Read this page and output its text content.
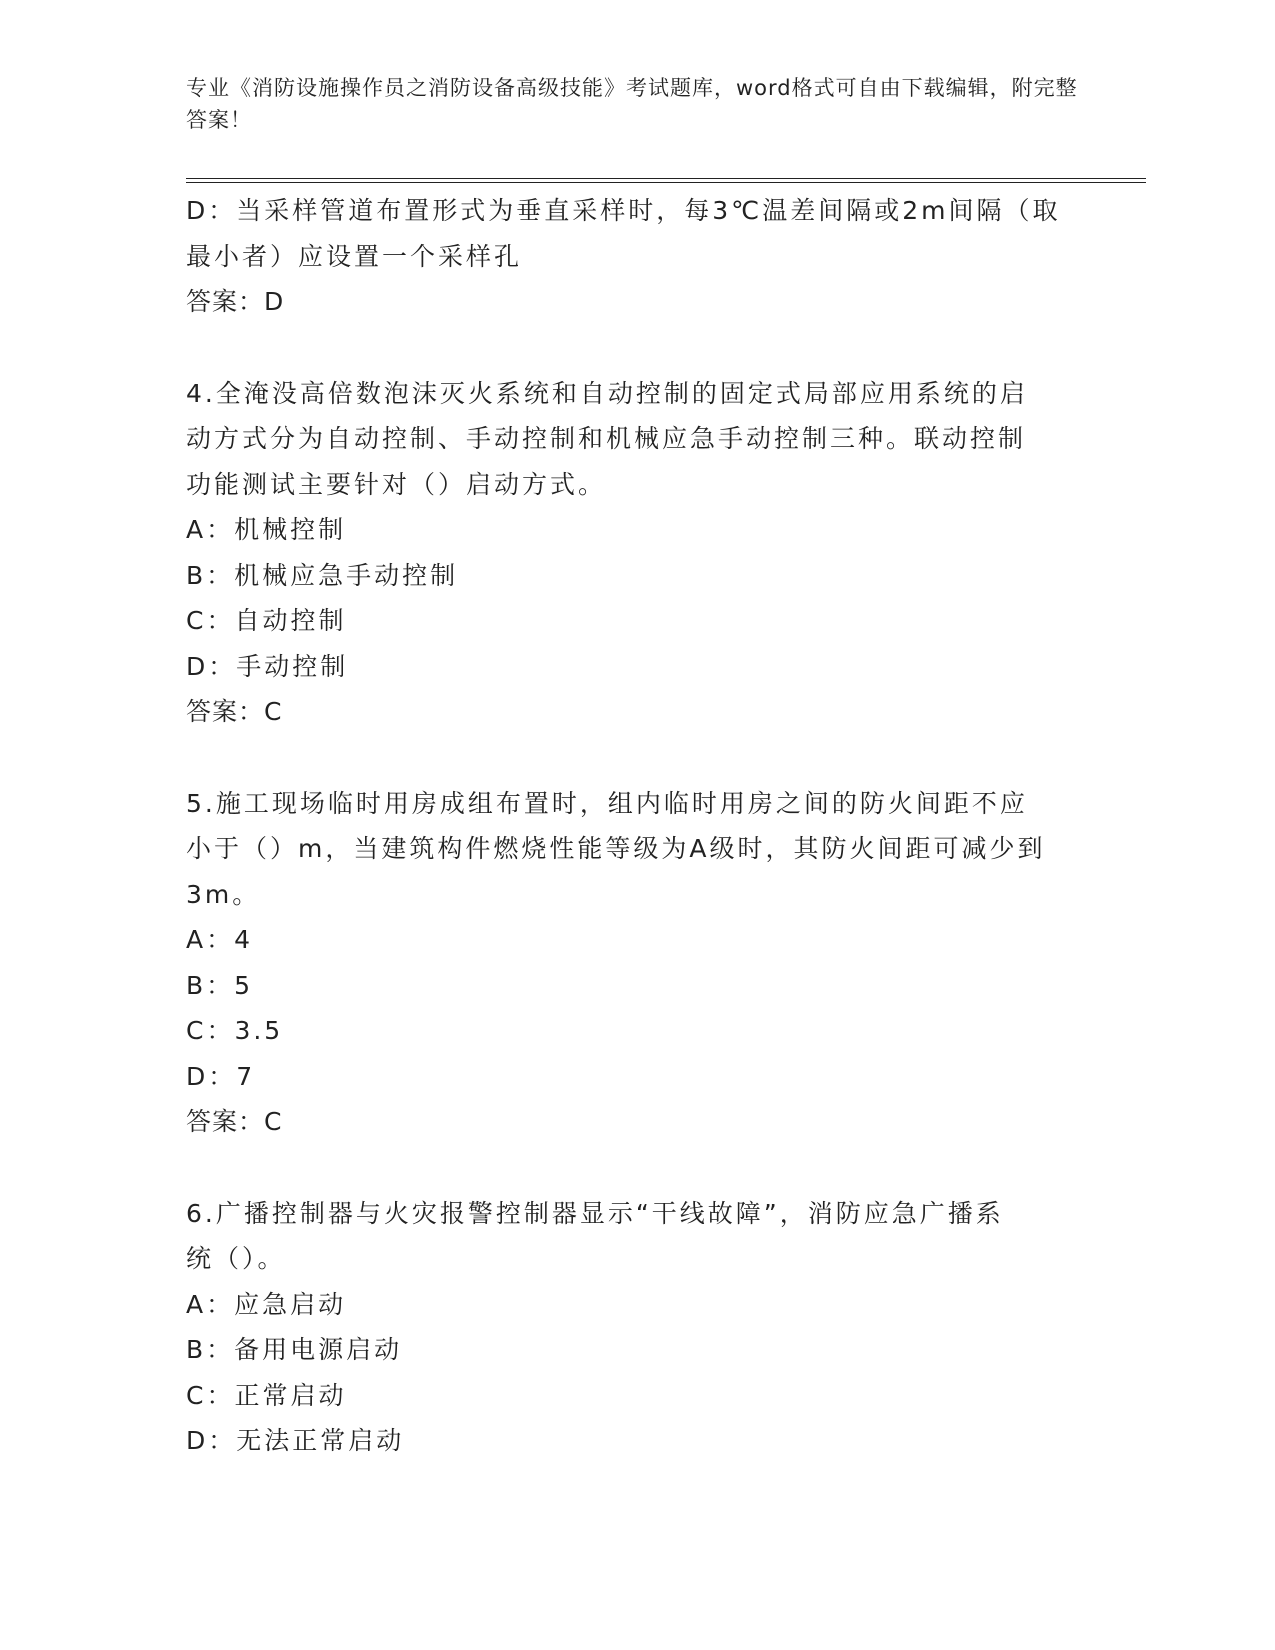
专业《消防设施操作员之消防设备高级技能》考试题库，word格式可自由下载编辑，附完整答案！
D：当采样管道布置形式为垂直采样时，每3℃温差间隔或2m间隔（取
最小者）应设置一个采样孔
答案：D
4.全淹没高倍数泡沫灭火系统和自动控制的固定式局部应用系统的启
动方式分为自动控制、手动控制和机械应急手动控制三种。联动控制
功能测试主要针对（）启动方式。
A：机械控制
B：机械应急手动控制
C：自动控制
D：手动控制
答案：C
5.施工现场临时用房成组布置时，组内临时用房之间的防火间距不应
小于（）m，当建筑构件燃烧性能等级为A级时，其防火间距可减少到
3m。
A：4
B：5
C：3.5
D：7
答案：C
6.广播控制器与火灾报警控制器显示“干线故障”，消防应急广播系
统（）。
A：应急启动
B：备用电源启动
C：正常启动
D：无法正常启动
